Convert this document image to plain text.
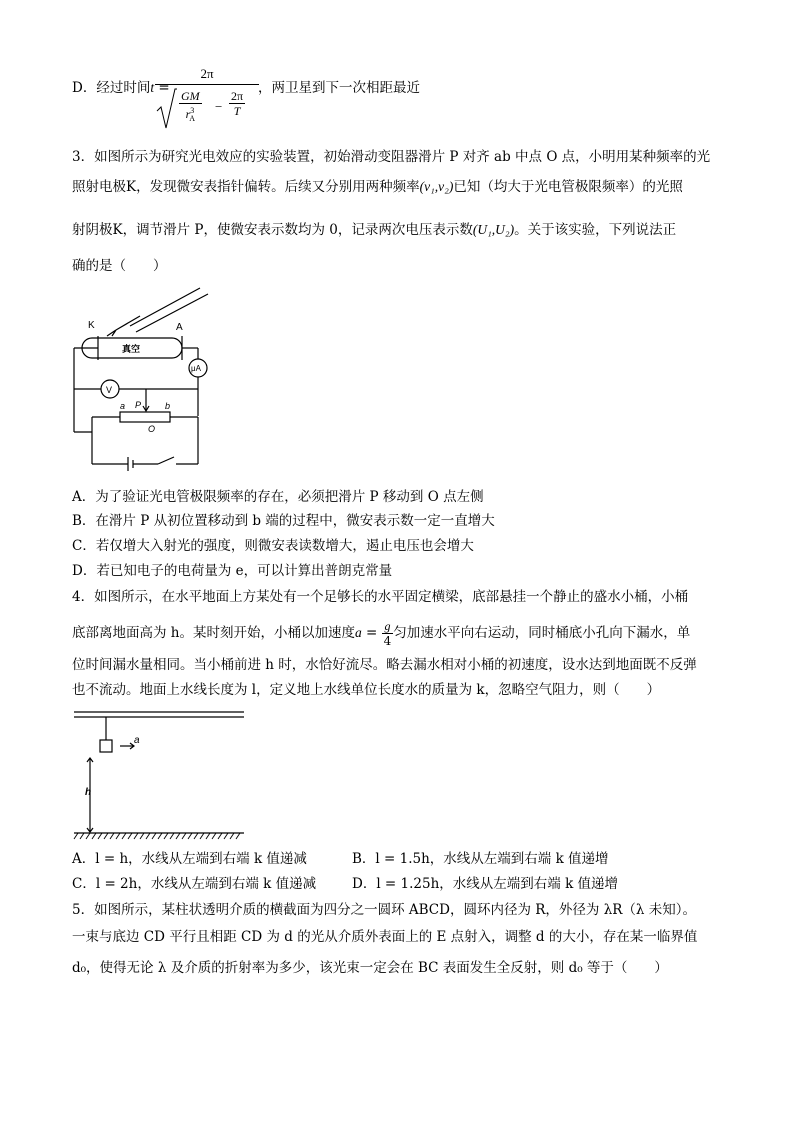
D．经过时间t =
2π
$\frac{GM}{r^3_A} - \frac{2\pi}{T}$
，两卫星到下一次相距最近
3．如图所示为研究光电效应的实验装置，初始滑动变阻器滑片 P 对齐 ab 中点 O 点，小明用某种频率的光
照射电极K，发现微安表指针偏转。后续又分别用两种频率(ν₁,ν₂)已知（均大于光电管极限频率）的光照
射阴极K，调节滑片 P，使微安表示数均为 0，记录两次电压表示数(U₁,U₂)。关于该实验，下列说法正
确的是（　　）
K	A
真空
μA
V
a P	b
O
A．为了验证光电管极限频率的存在，必须把滑片 P 移动到 O 点左侧
B．在滑片 P 从初位置移动到 b 端的过程中，微安表示数一定一直增大
C．若仅增大入射光的强度，则微安表读数增大，遏止电压也会增大
D．若已知电子的电荷量为 e，可以计算出普朗克常量
4．如图所示，在水平地面上方某处有一个足够长的水平固定横梁，底部悬挂一个静止的盛水小桶，小桶
底部离地面高为 h。某时刻开始，小桶以加速度$a = \frac{g}{4}$ 匀加速水平向右运动，同时桶底小孔向下漏水，单
位时间漏水量相同。当小桶前进 h 时，水恰好流尽。略去漏水相对小桶的初速度，设水达到地面既不反弹
也不流动。地面上水线长度为 l，定义地上水线单位长度水的质量为 k，忽略空气阻力，则（　　）
a
h
A．l = h，水线从左端到右端 k 值递减	B．l = 1.5h，水线从左端到右端 k 值递增
C．l = 2h，水线从左端到右端 k 值递减	D．l = 1.25h，水线从左端到右端 k 值递增
5．如图所示，某柱状透明介质的横截面为四分之一圆环 ABCD，圆环内径为 R，外径为 λR（λ 未知）。
一束与底边 CD 平行且相距 CD 为 d 的光从介质外表面上的 E 点射入，调整 d 的大小，存在某一临界值
d₀，使得无论 λ 及介质的折射率为多少，该光束一定会在 BC 表面发生全反射，则 d₀ 等于（　　）
